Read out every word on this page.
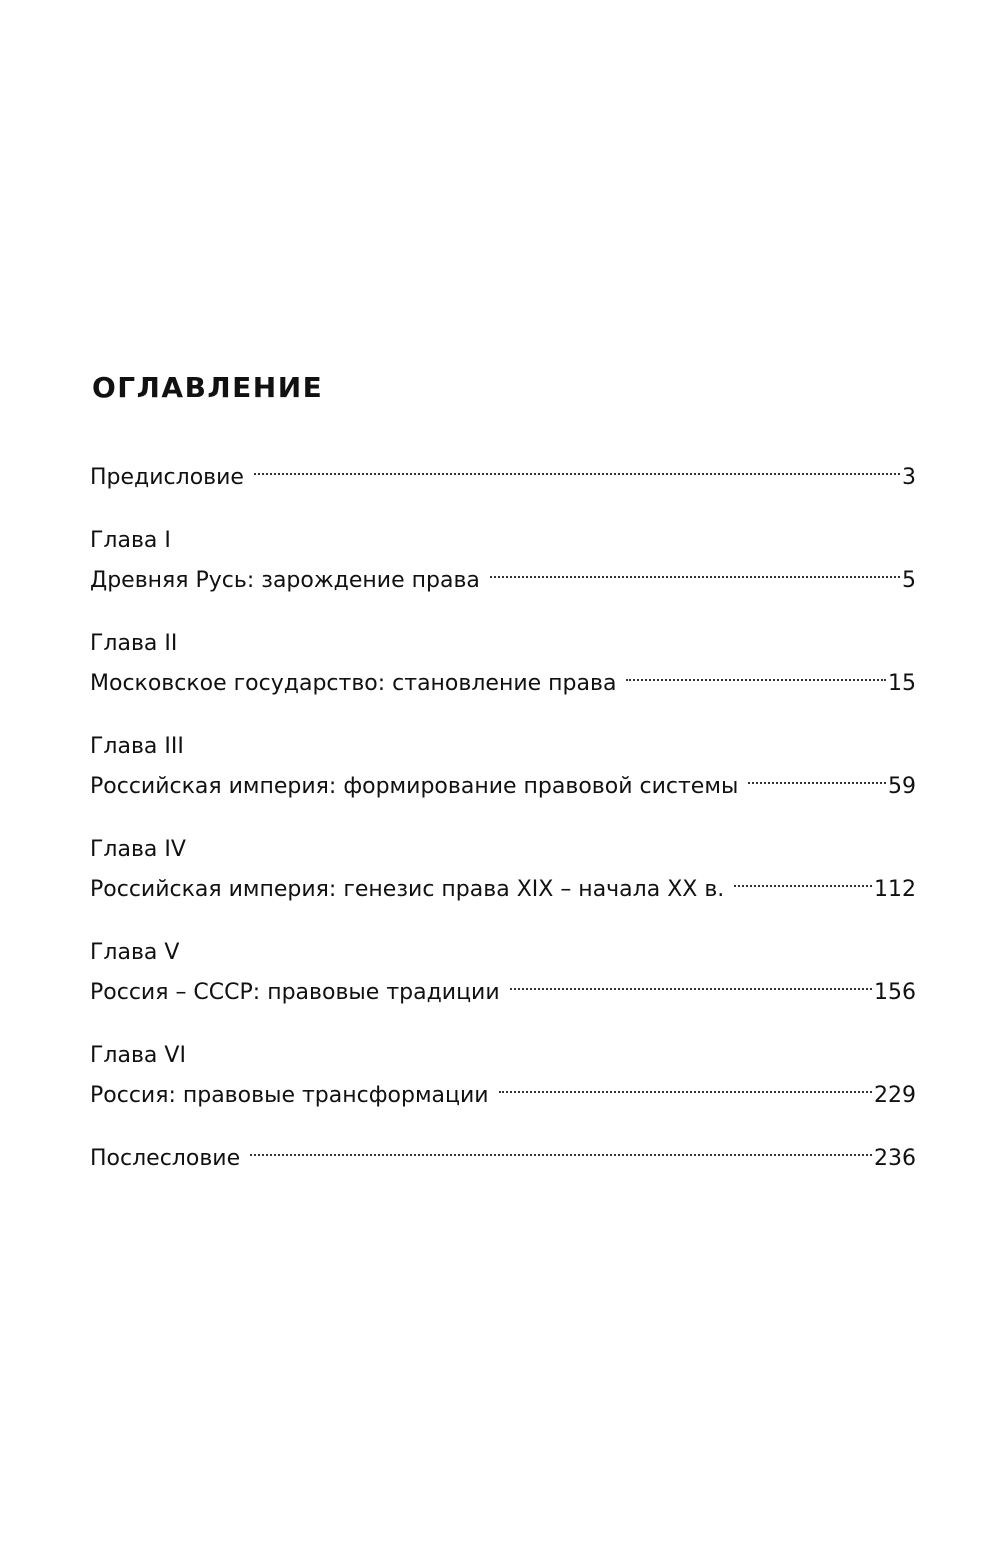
ОГЛАВЛЕНИЕ
Предисловие	3
Глава I
Древняя Русь: зарождение права	5
Глава II
Московское государство: становление права	15
Глава III
Российская империя: формирование правовой системы	59
Глава IV
Российская империя: генезис права XIX – начала XX в.	112
Глава V
Россия – СССР: правовые традиции	156
Глава VI
Россия: правовые трансформации	229
Послесловие	236
